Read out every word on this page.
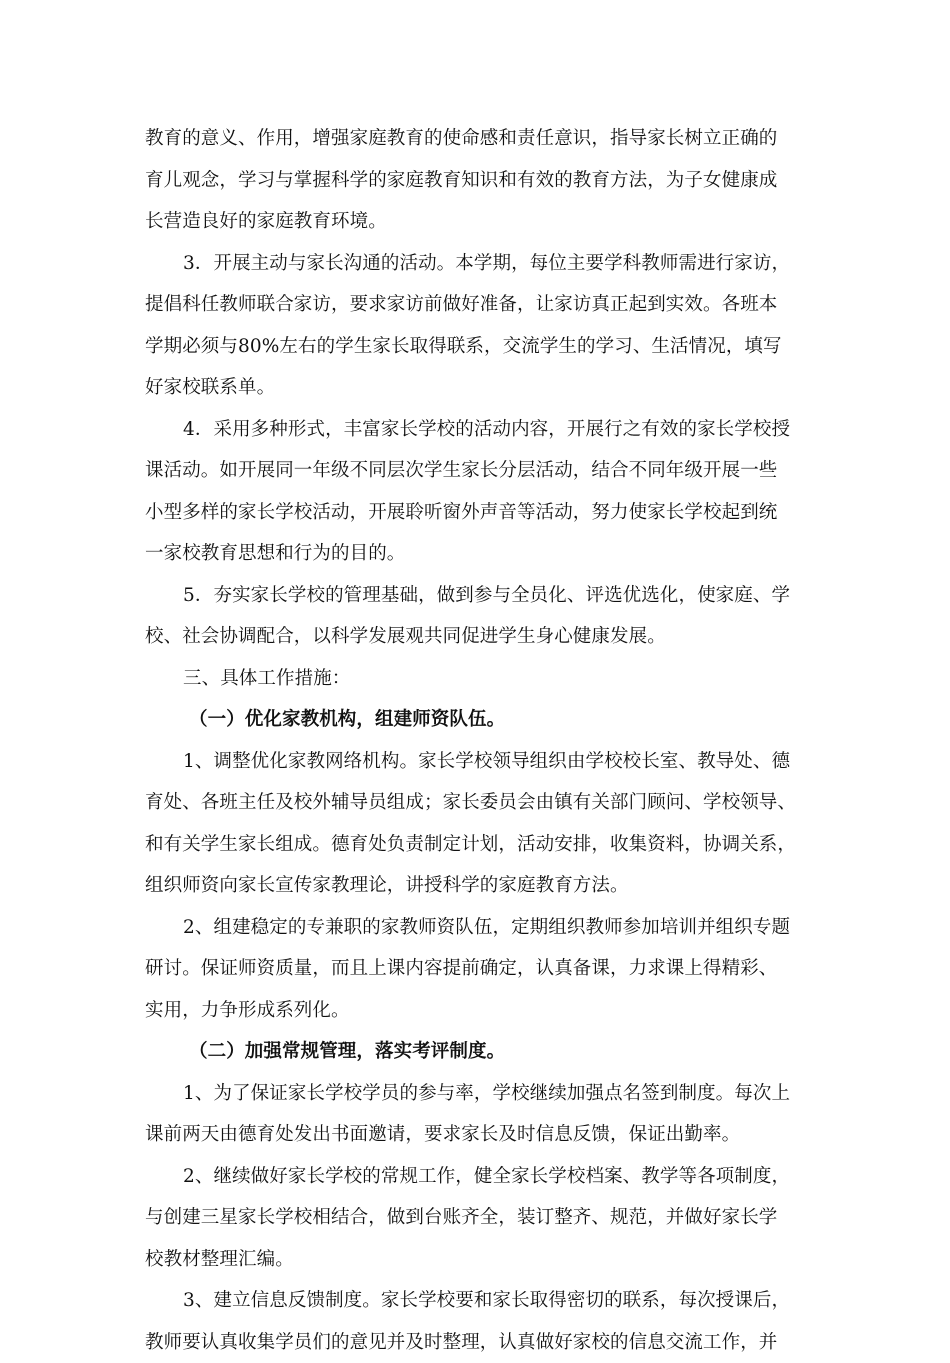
教育的意义、作用，增强家庭教育的使命感和责任意识，指导家长树立正确的
育儿观念，学习与掌握科学的家庭教育知识和有效的教育方法，为子女健康成
长营造良好的家庭教育环境。
3．开展主动与家长沟通的活动。本学期，每位主要学科教师需进行家访，
提倡科任教师联合家访，要求家访前做好准备，让家访真正起到实效。各班本
学期必须与80%左右的学生家长取得联系，交流学生的学习、生活情况，填写
好家校联系单。
4．采用多种形式，丰富家长学校的活动内容，开展行之有效的家长学校授
课活动。如开展同一年级不同层次学生家长分层活动，结合不同年级开展一些
小型多样的家长学校活动，开展聆听窗外声音等活动，努力使家长学校起到统
一家校教育思想和行为的目的。
5．夯实家长学校的管理基础，做到参与全员化、评选优选化，使家庭、学
校、社会协调配合，以科学发展观共同促进学生身心健康发展。
三、具体工作措施：
（一）优化家教机构，组建师资队伍。
1、调整优化家教网络机构。家长学校领导组织由学校校长室、教导处、德
育处、各班主任及校外辅导员组成；家长委员会由镇有关部门顾问、学校领导、
和有关学生家长组成。德育处负责制定计划，活动安排，收集资料，协调关系，
组织师资向家长宣传家教理论，讲授科学的家庭教育方法。
2、组建稳定的专兼职的家教师资队伍，定期组织教师参加培训并组织专题
研讨。保证师资质量，而且上课内容提前确定，认真备课，力求课上得精彩、
实用，力争形成系列化。
（二）加强常规管理，落实考评制度。
1、为了保证家长学校学员的参与率，学校继续加强点名签到制度。每次上
课前两天由德育处发出书面邀请，要求家长及时信息反馈，保证出勤率。
2、继续做好家长学校的常规工作，健全家长学校档案、教学等各项制度，
与创建三星家长学校相结合，做到台账齐全，装订整齐、规范，并做好家长学
校教材整理汇编。
3、建立信息反馈制度。家长学校要和家长取得密切的联系，每次授课后，
教师要认真收集学员们的意见并及时整理，认真做好家校的信息交流工作，并
